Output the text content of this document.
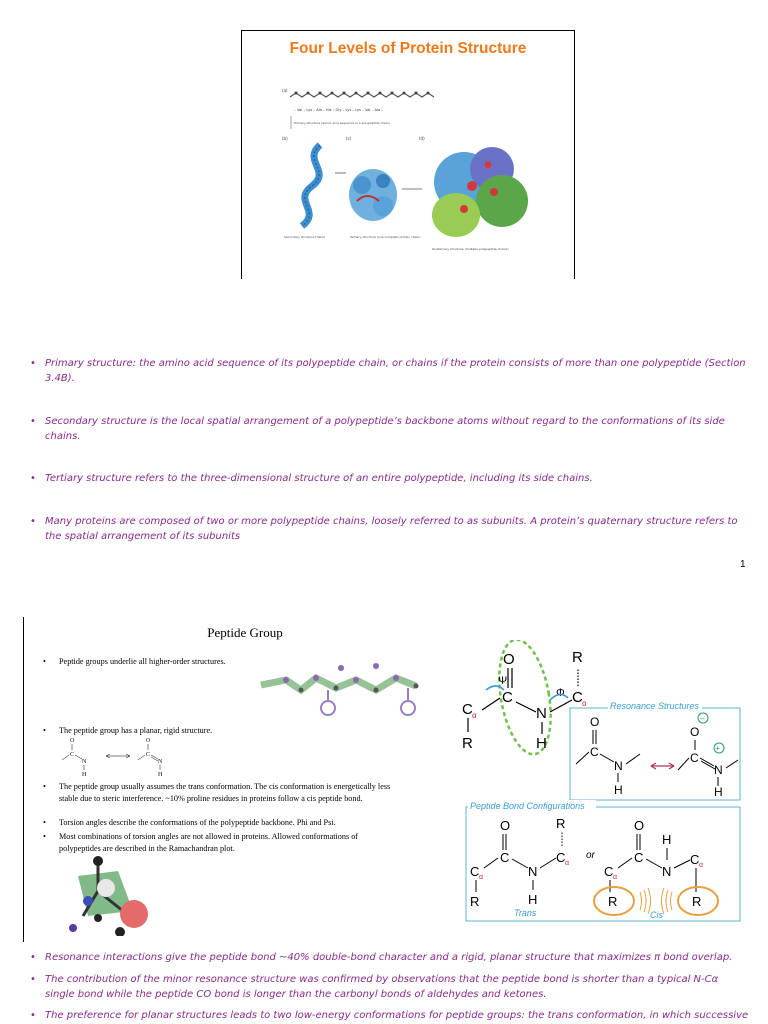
Four Levels of Protein Structure
(a)
– Val – Lys – Ala – His – Gly – Lys – Lys – Val – Ala –
Primary structure (amino acid sequence in a polypeptide chain)
(b)
Secondary structure (helix)
(c)
Tertiary structure (one complete protein chain)
(d)
Quaternary structure (multiple polypeptide chains)
• Primary structure: the amino acid sequence of its polypeptide chain, or chains if the protein consists of more than one polypeptide (Section 3.4B).
• Secondary structure is the local spatial arrangement of a polypeptide’s backbone atoms without regard to the conformations of its side chains.
• Tertiary structure refers to the three-dimensional structure of an entire polypeptide, including its side chains.
• Many proteins are composed of two or more polypeptide chains, loosely referred to as subunits. A protein’s quaternary structure refers to the spatial arrangement of its subunits
1
Peptide Group
• Peptide groups underlie all higher-order structures.
• The peptide group has a planar, rigid structure.
• The peptide group usually assumes the trans conformation. The cis conformation is energetically less stable due to steric interference. ~10% proline residues in proteins follow a cis peptide bond.
• Torsion angles describe the conformations of the polypeptide backbone. Phi and Psi.
• Most combinations of torsion angles are not allowed in proteins. Allowed conformations of polypeptides are described in the Ramachandran plot.
O
C
N
H
O
C
N
H
Ψ
Φ
O
C
N
H
C α
R
C α
R
Resonance Structures
O
C
N
H
–
O
C
+
N
H
Peptide Bond Configurations
O
C
C α
R
N
H
C α
R
Trans
or
O
C
C α
R
N
H
C α
R
Cis
• Resonance interactions give the peptide bond ~40% double-bond character and a rigid, planar structure that maximizes π bond overlap.
• The contribution of the minor resonance structure was confirmed by observations that the peptide bond is shorter than a typical N-Cα single bond while the peptide CO bond is longer than the carbonyl bonds of aldehydes and ketones.
• The preference for planar structures leads to two low-energy conformations for peptide groups: the trans conformation, in which successive
